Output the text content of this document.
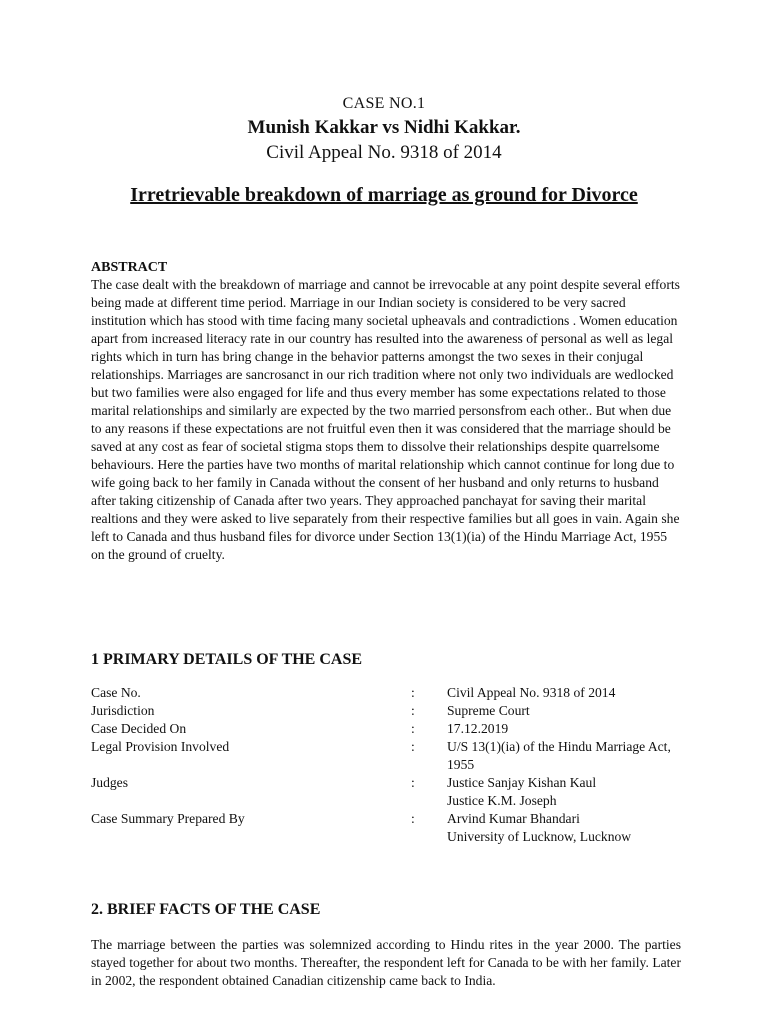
CASE NO.1
Munish Kakkar vs Nidhi Kakkar.
Civil Appeal No. 9318 of 2014
Irretrievable breakdown of marriage as ground for Divorce
ABSTRACT
The case dealt with the breakdown of marriage and cannot be irrevocable at any point despite several efforts being made at different time period. Marriage in our Indian society is considered to be very sacred institution which has stood with time facing many societal upheavals and contradictions . Women education apart from increased literacy rate in our country has resulted into the awareness of personal as well as legal rights which in turn has bring change in the behavior patterns amongst the two sexes in their conjugal relationships. Marriages are sancrosanct in our rich tradition where not only two individuals are wedlocked but two families were also engaged for life and thus every member has some expectations related to those marital relationships and similarly are expected by the two married personsfrom each other.. But when due to any reasons if these expectations are not fruitful even then it was considered that the marriage should be saved at any cost as fear of societal stigma stops them to dissolve their relationships despite quarrelsome behaviours. Here the parties have two months of marital relationship which cannot continue for long due to wife going back to her family in Canada without the consent of her husband and only returns to husband after taking citizenship of Canada after two years. They approached panchayat for saving their marital realtions and they were asked to live separately from their respective families but all goes in vain. Again she left to Canada and thus husband files for divorce under Section 13(1)(ia) of the Hindu Marriage Act, 1955 on the ground of cruelty.
1 PRIMARY DETAILS OF THE CASE
Case No.	:	Civil Appeal No. 9318 of 2014
Jurisdiction	:	Supreme Court
Case Decided On	:	17.12.2019
Legal Provision Involved	:	U/S 13(1)(ia) of the Hindu Marriage Act, 1955
Judges	:	Justice Sanjay Kishan Kaul
Justice K.M. Joseph
Case Summary Prepared By	:	Arvind Kumar Bhandari
University of Lucknow, Lucknow
2. BRIEF FACTS OF THE CASE
The marriage between the parties was solemnized according to Hindu rites in the year 2000. The parties stayed together for about two months. Thereafter, the respondent left for Canada to be with her family. Later in 2002, the respondent obtained Canadian citizenship came back to India.
